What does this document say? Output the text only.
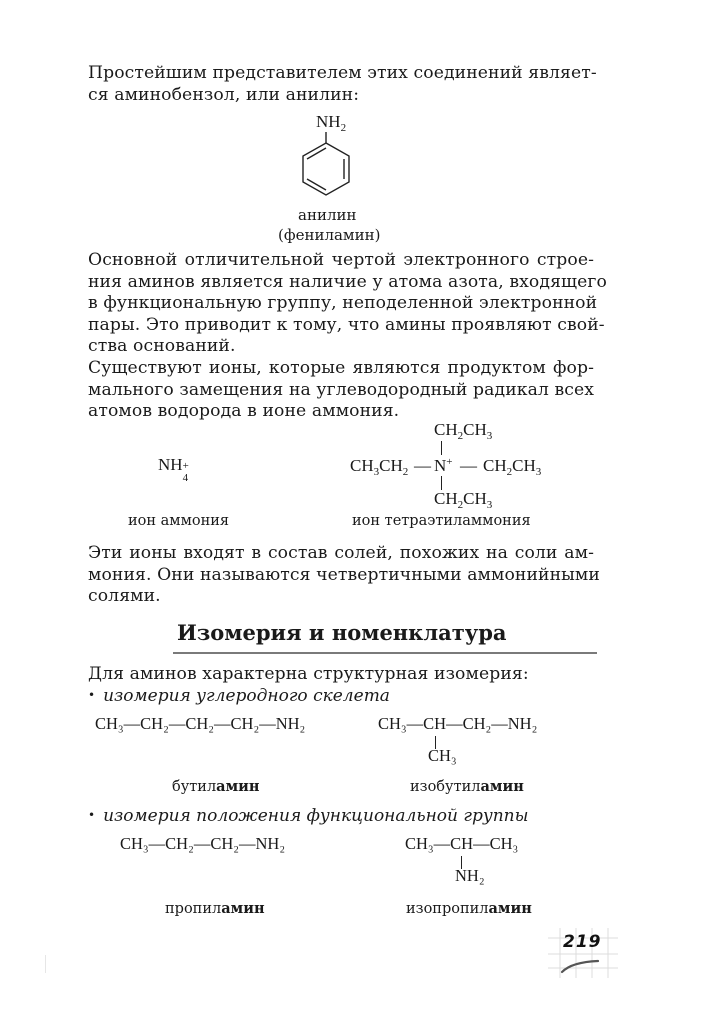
Простейшим представителем этих соединений являет-
ся аминобензол, или анилин:
$NH_2$
анилин
(фениламин)
Основной отличительной чертой электронного строе-
ния аминов является наличие у атома азота, входящего
в функциональную группу, неподеленной электронной
пары. Это приводит к тому, что амины проявляют свой-
ства оснований.
Существуют ионы, которые являются продуктом фор-
мального замещения на углеводородный радикал всех
атомов водорода в ионе аммония.
NH +
4
ион аммония
$CH_2CH_3$
$CH_3CH_2$ — N+ — $CH_2CH_3$
$CH_2CH_3$
ион тетраэтиламмония
Эти ионы входят в состав солей, похожих на соли ам-
мония. Они называются четвертичными аммонийными
солями.
Изомерия и номенклатура
Для аминов характерна структурная изомерия:
• изомерия углеродного скелета
CH₃—CH₂—CH₂—CH₂—NH₂
бутиламин
CH₃—CH—CH₂—NH₂
CH₃
изобутиламин
• изомерия положения функциональной группы
CH₃—CH₂—CH₂—NH₂
пропиламин
CH₃—CH—CH₃
NH₂
изопропиламин
219
